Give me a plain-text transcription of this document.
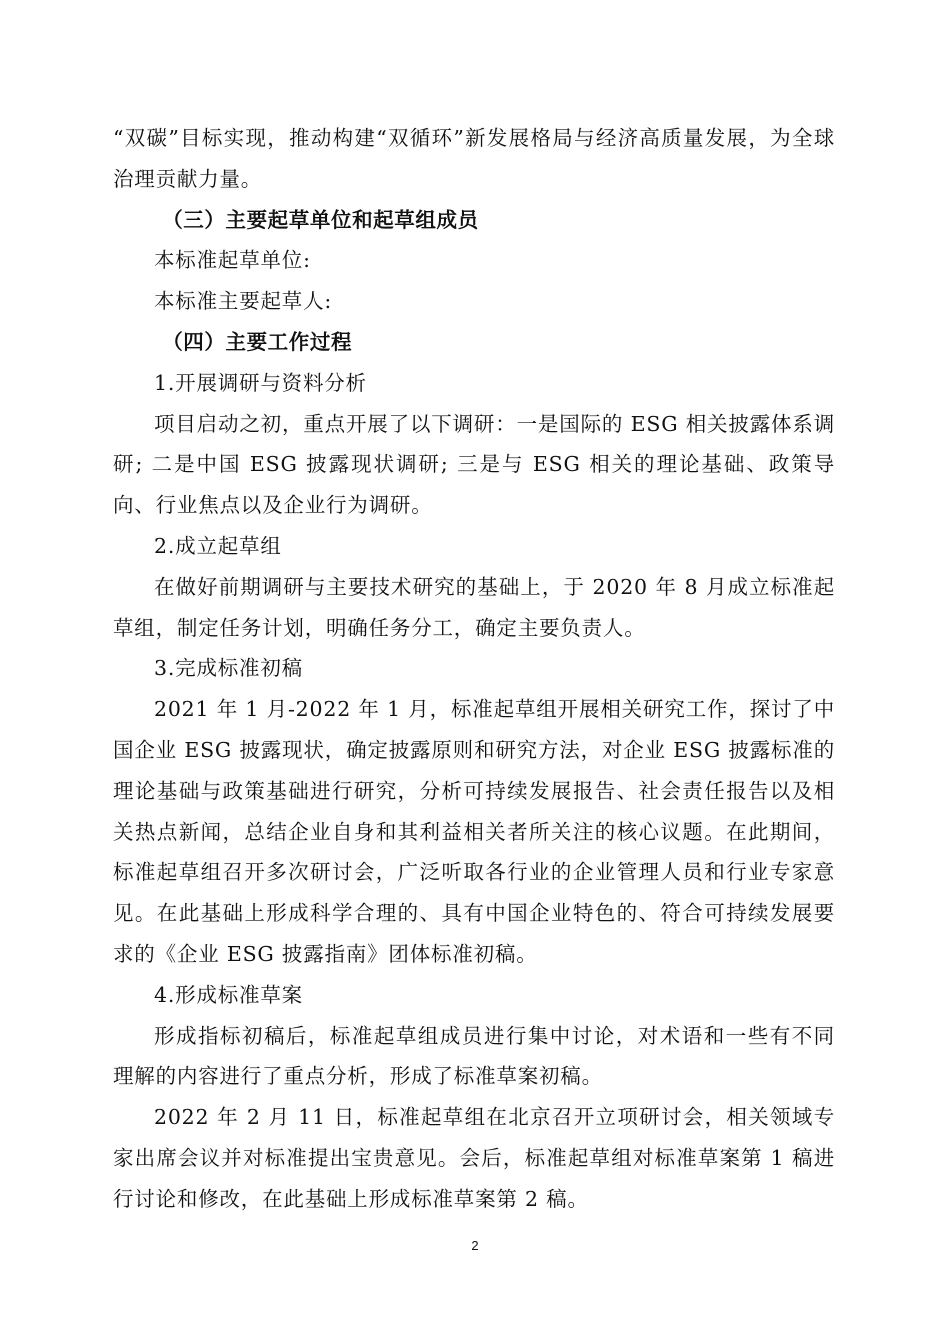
“双碳”目标实现，推动构建“双循环”新发展格局与经济高质量发展，为全球治理贡献力量。

（三）主要起草单位和起草组成员

本标准起草单位:

本标准主要起草人:

（四）主要工作过程

1.开展调研与资料分析

项目启动之初，重点开展了以下调研：一是国际的 ESG 相关披露体系调研; 二是中国 ESG 披露现状调研; 三是与 ESG 相关的理论基础、政策导向、行业焦点以及企业行为调研。

2.成立起草组

在做好前期调研与主要技术研究的基础上，于 2020 年 8 月成立标准起草组，制定任务计划，明确任务分工，确定主要负责人。

3.完成标准初稿

2021 年 1 月-2022 年 1 月，标准起草组开展相关研究工作，探讨了中国企业 ESG 披露现状，确定披露原则和研究方法，对企业 ESG 披露标准的理论基础与政策基础进行研究，分析可持续发展报告、社会责任报告以及相关热点新闻，总结企业自身和其利益相关者所关注的核心议题。在此期间，标准起草组召开多次研讨会，广泛听取各行业的企业管理人员和行业专家意见。在此基础上形成科学合理的、具有中国企业特色的、符合可持续发展要求的《企业 ESG 披露指南》团体标准初稿。

4.形成标准草案

形成指标初稿后，标准起草组成员进行集中讨论，对术语和一些有不同理解的内容进行了重点分析，形成了标准草案初稿。

2022 年 2 月 11 日，标准起草组在北京召开立项研讨会，相关领域专家出席会议并对标准提出宝贵意见。会后，标准起草组对标准草案第 1 稿进行讨论和修改，在此基础上形成标准草案第 2 稿。

2
